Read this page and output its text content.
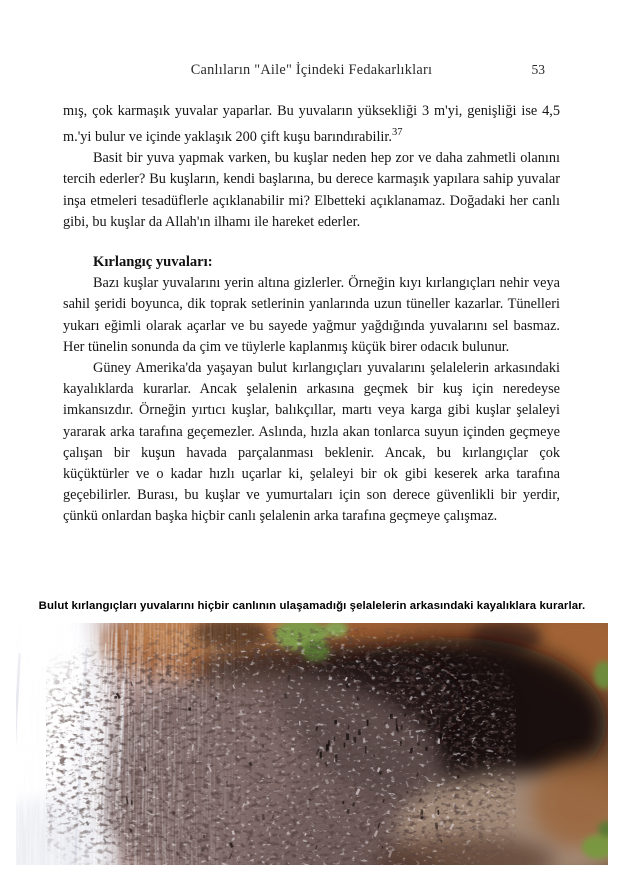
Canlıların "Aile" İçindeki Fedakarlıkları	53

mış, çok karmaşık yuvalar yaparlar. Bu yuvaların yüksekliği 3 m'yi, genişliği ise 4,5 m.'yi bulur ve içinde yaklaşık 200 çift kuşu barındırabilir.$^{37}$

Basit bir yuva yapmak varken, bu kuşlar neden hep zor ve daha zahmetli olanını tercih ederler? Bu kuşların, kendi başlarına, bu derece karmaşık yapılara sahip yuvalar inşa etmeleri tesadüflerle açıklanabilir mi? Elbetteki açıklanamaz. Doğadaki her canlı gibi, bu kuşlar da Allah'ın ilhamı ile hareket ederler.

Kırlangıç yuvaları:

Bazı kuşlar yuvalarını yerin altına gizlerler. Örneğin kıyı kırlangıçları nehir veya sahil şeridi boyunca, dik toprak setlerinin yanlarında uzun tüneller kazarlar. Tünelleri yukarı eğimli olarak açarlar ve bu sayede yağmur yağdığında yuvalarını sel basmaz. Her tünelin sonunda da çim ve tüylerle kaplanmış küçük birer odacık bulunur.

Güney Amerika'da yaşayan bulut kırlangıçları yuvalarını şelalelerin arkasındaki kayalıklarda kurarlar. Ancak şelalenin arkasına geçmek bir kuş için neredeyse imkansızdır. Örneğin yırtıcı kuşlar, balıkçıllar, martı veya karga gibi kuşlar şelaleyi yararak arka tarafına geçemezler. Aslında, hızla akan tonlarca suyun içinden geçmeye çalışan bir kuşun havada parçalanması beklenir. Ancak, bu kırlangıçlar çok küçüktürler ve o kadar hızlı uçarlar ki, şelaleyi bir ok gibi keserek arka tarafına geçebilirler. Burası, bu kuşlar ve yumurtaları için son derece güvenlikli bir yerdir, çünkü onlardan başka hiçbir canlı şelalenin arka tarafına geçmeye çalışmaz.

Bulut kırlangıçları yuvalarını hiçbir canlının ulaşamadığı şelalelerin arkasındaki kayalıklara kurarlar.
